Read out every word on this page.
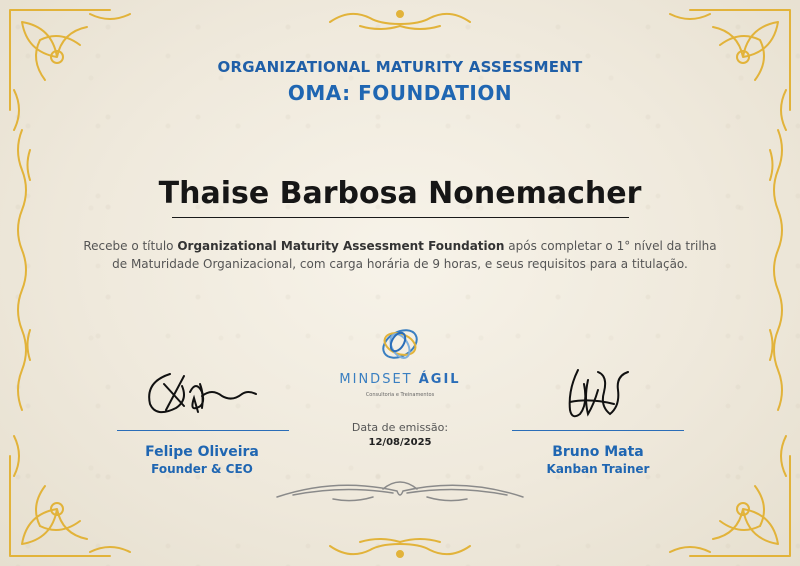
ORGANIZATIONAL MATURITY ASSESSMENT
OMA: FOUNDATION
Thaise Barbosa Nonemacher
Recebe o título Organizational Maturity Assessment Foundation após completar o 1° nível da trilha de Maturidade Organizacional, com carga horária de 9 horas, e seus requisitos para a titulação.
MINDSET ÁGIL
Consultoria e Treinamentos
Data de emissão:
12/08/2025
Felipe Oliveira
Founder & CEO
Bruno Mata
Kanban Trainer
